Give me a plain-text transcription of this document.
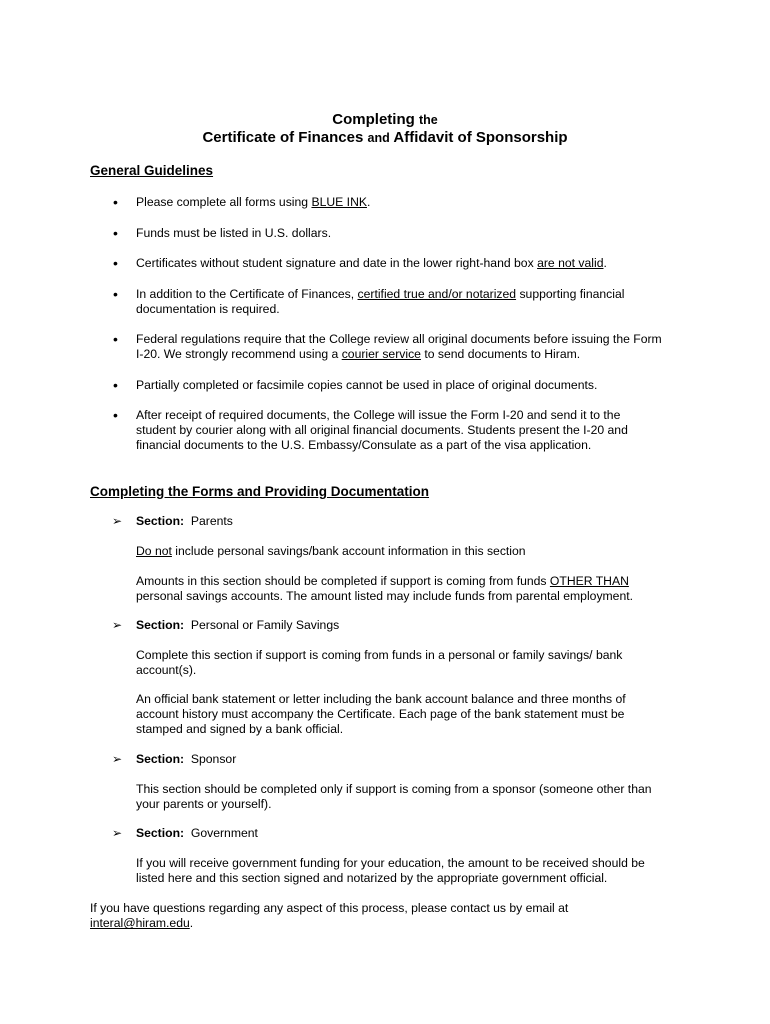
Completing the
Certificate of Finances and Affidavit of Sponsorship
General Guidelines
• Please complete all forms using BLUE INK.
• Funds must be listed in U.S. dollars.
• Certificates without student signature and date in the lower right-hand box are not valid.
• In addition to the Certificate of Finances, certified true and/or notarized supporting financial
documentation is required.
• Federal regulations require that the College review all original documents before issuing the Form
I-20. We strongly recommend using a courier service to send documents to Hiram.
• Partially completed or facsimile copies cannot be used in place of original documents.
• After receipt of required documents, the College will issue the Form I-20 and send it to the
student by courier along with all original financial documents. Students present the I-20 and
financial documents to the U.S. Embassy/Consulate as a part of the visa application.
Completing the Forms and Providing Documentation
➢ Section: Parents
Do not include personal savings/bank account information in this section
Amounts in this section should be completed if support is coming from funds OTHER THAN
personal savings accounts. The amount listed may include funds from parental employment.
➢ Section: Personal or Family Savings
Complete this section if support is coming from funds in a personal or family savings/ bank
account(s).
An official bank statement or letter including the bank account balance and three months of
account history must accompany the Certificate. Each page of the bank statement must be
stamped and signed by a bank official.
➢ Section: Sponsor
This section should be completed only if support is coming from a sponsor (someone other than
your parents or yourself).
➢ Section: Government
If you will receive government funding for your education, the amount to be received should be
listed here and this section signed and notarized by the appropriate government official.
If you have questions regarding any aspect of this process, please contact us by email at
interal@hiram.edu.
